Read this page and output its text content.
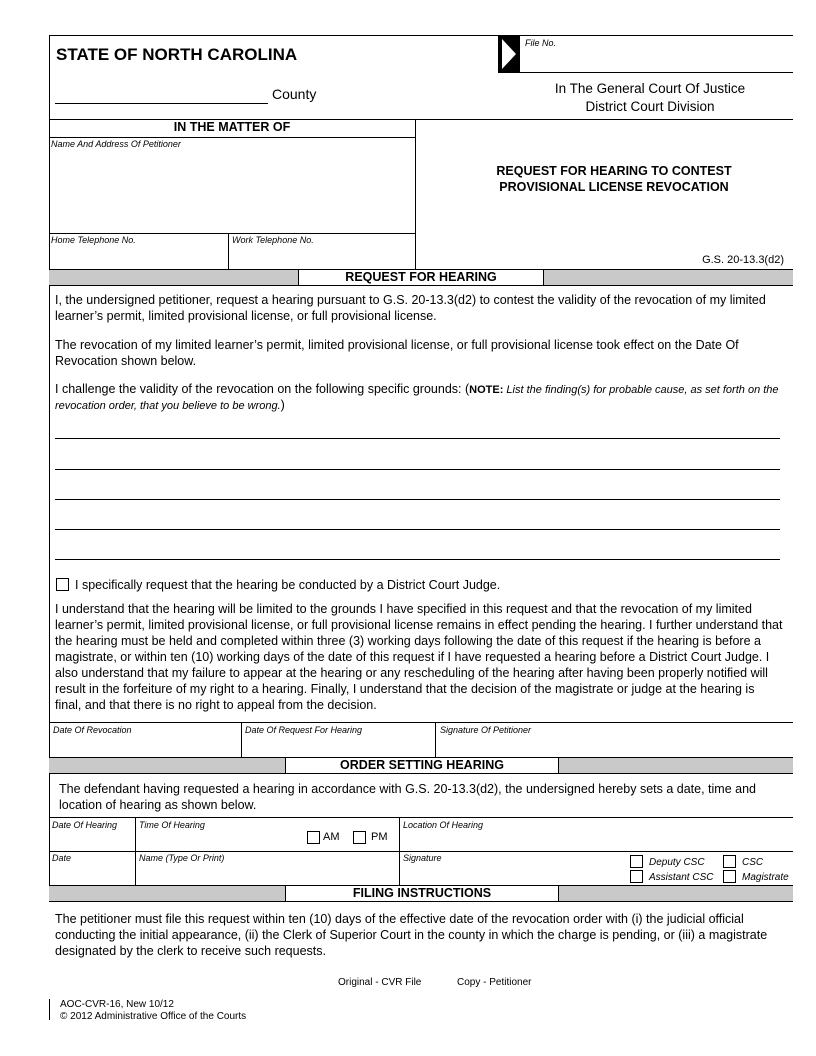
STATE OF NORTH CAROLINA
County
File No.
In The General Court Of Justice
District Court Division
IN THE MATTER OF
Name And Address Of Petitioner
Home Telephone No.	Work Telephone No.
REQUEST FOR HEARING TO CONTEST
PROVISIONAL LICENSE REVOCATION
G.S. 20-13.3(d2)
REQUEST FOR HEARING
I, the undersigned petitioner, request a hearing pursuant to G.S. 20-13.3(d2) to contest the validity of the revocation of my limited learner’s permit, limited provisional license, or full provisional license.
The revocation of my limited learner’s permit, limited provisional license, or full provisional license took effect on the Date Of Revocation shown below.
I challenge the validity of the revocation on the following specific grounds: (NOTE: List the finding(s) for probable cause, as set forth on the revocation order, that you believe to be wrong.)
I specifically request that the hearing be conducted by a District Court Judge.
I understand that the hearing will be limited to the grounds I have specified in this request and that the revocation of my limited learner’s permit, limited provisional license, or full provisional license remains in effect pending the hearing. I further understand that the hearing must be held and completed within three (3) working days following the date of this request if the hearing is before a magistrate, or within ten (10) working days of the date of this request if I have requested a hearing before a District Court Judge. I also understand that my failure to appear at the hearing or any rescheduling of the hearing after having been properly notified will result in the forfeiture of my right to a hearing. Finally, I understand that the decision of the magistrate or judge at the hearing is final, and that there is no right to appeal from the decision.
Date Of Revocation	Date Of Request For Hearing	Signature Of Petitioner
ORDER SETTING HEARING
The defendant having requested a hearing in accordance with G.S. 20-13.3(d2), the undersigned hereby sets a date, time and location of hearing as shown below.
Date Of Hearing Time Of Hearing
AM	PM
Location Of Hearing
Date	Name (Type Or Print)	Signature	Deputy CSC	CSC
Assistant CSC	Magistrate
FILING INSTRUCTIONS
The petitioner must file this request within ten (10) days of the effective date of the revocation order with (i) the judicial official conducting the initial appearance, (ii) the Clerk of Superior Court in the county in which the charge is pending, or (iii) a magistrate designated by the clerk to receive such requests.
Original - CVR File	Copy - Petitioner
AOC-CVR-16, New 10/12
© 2012 Administrative Office of the Courts
